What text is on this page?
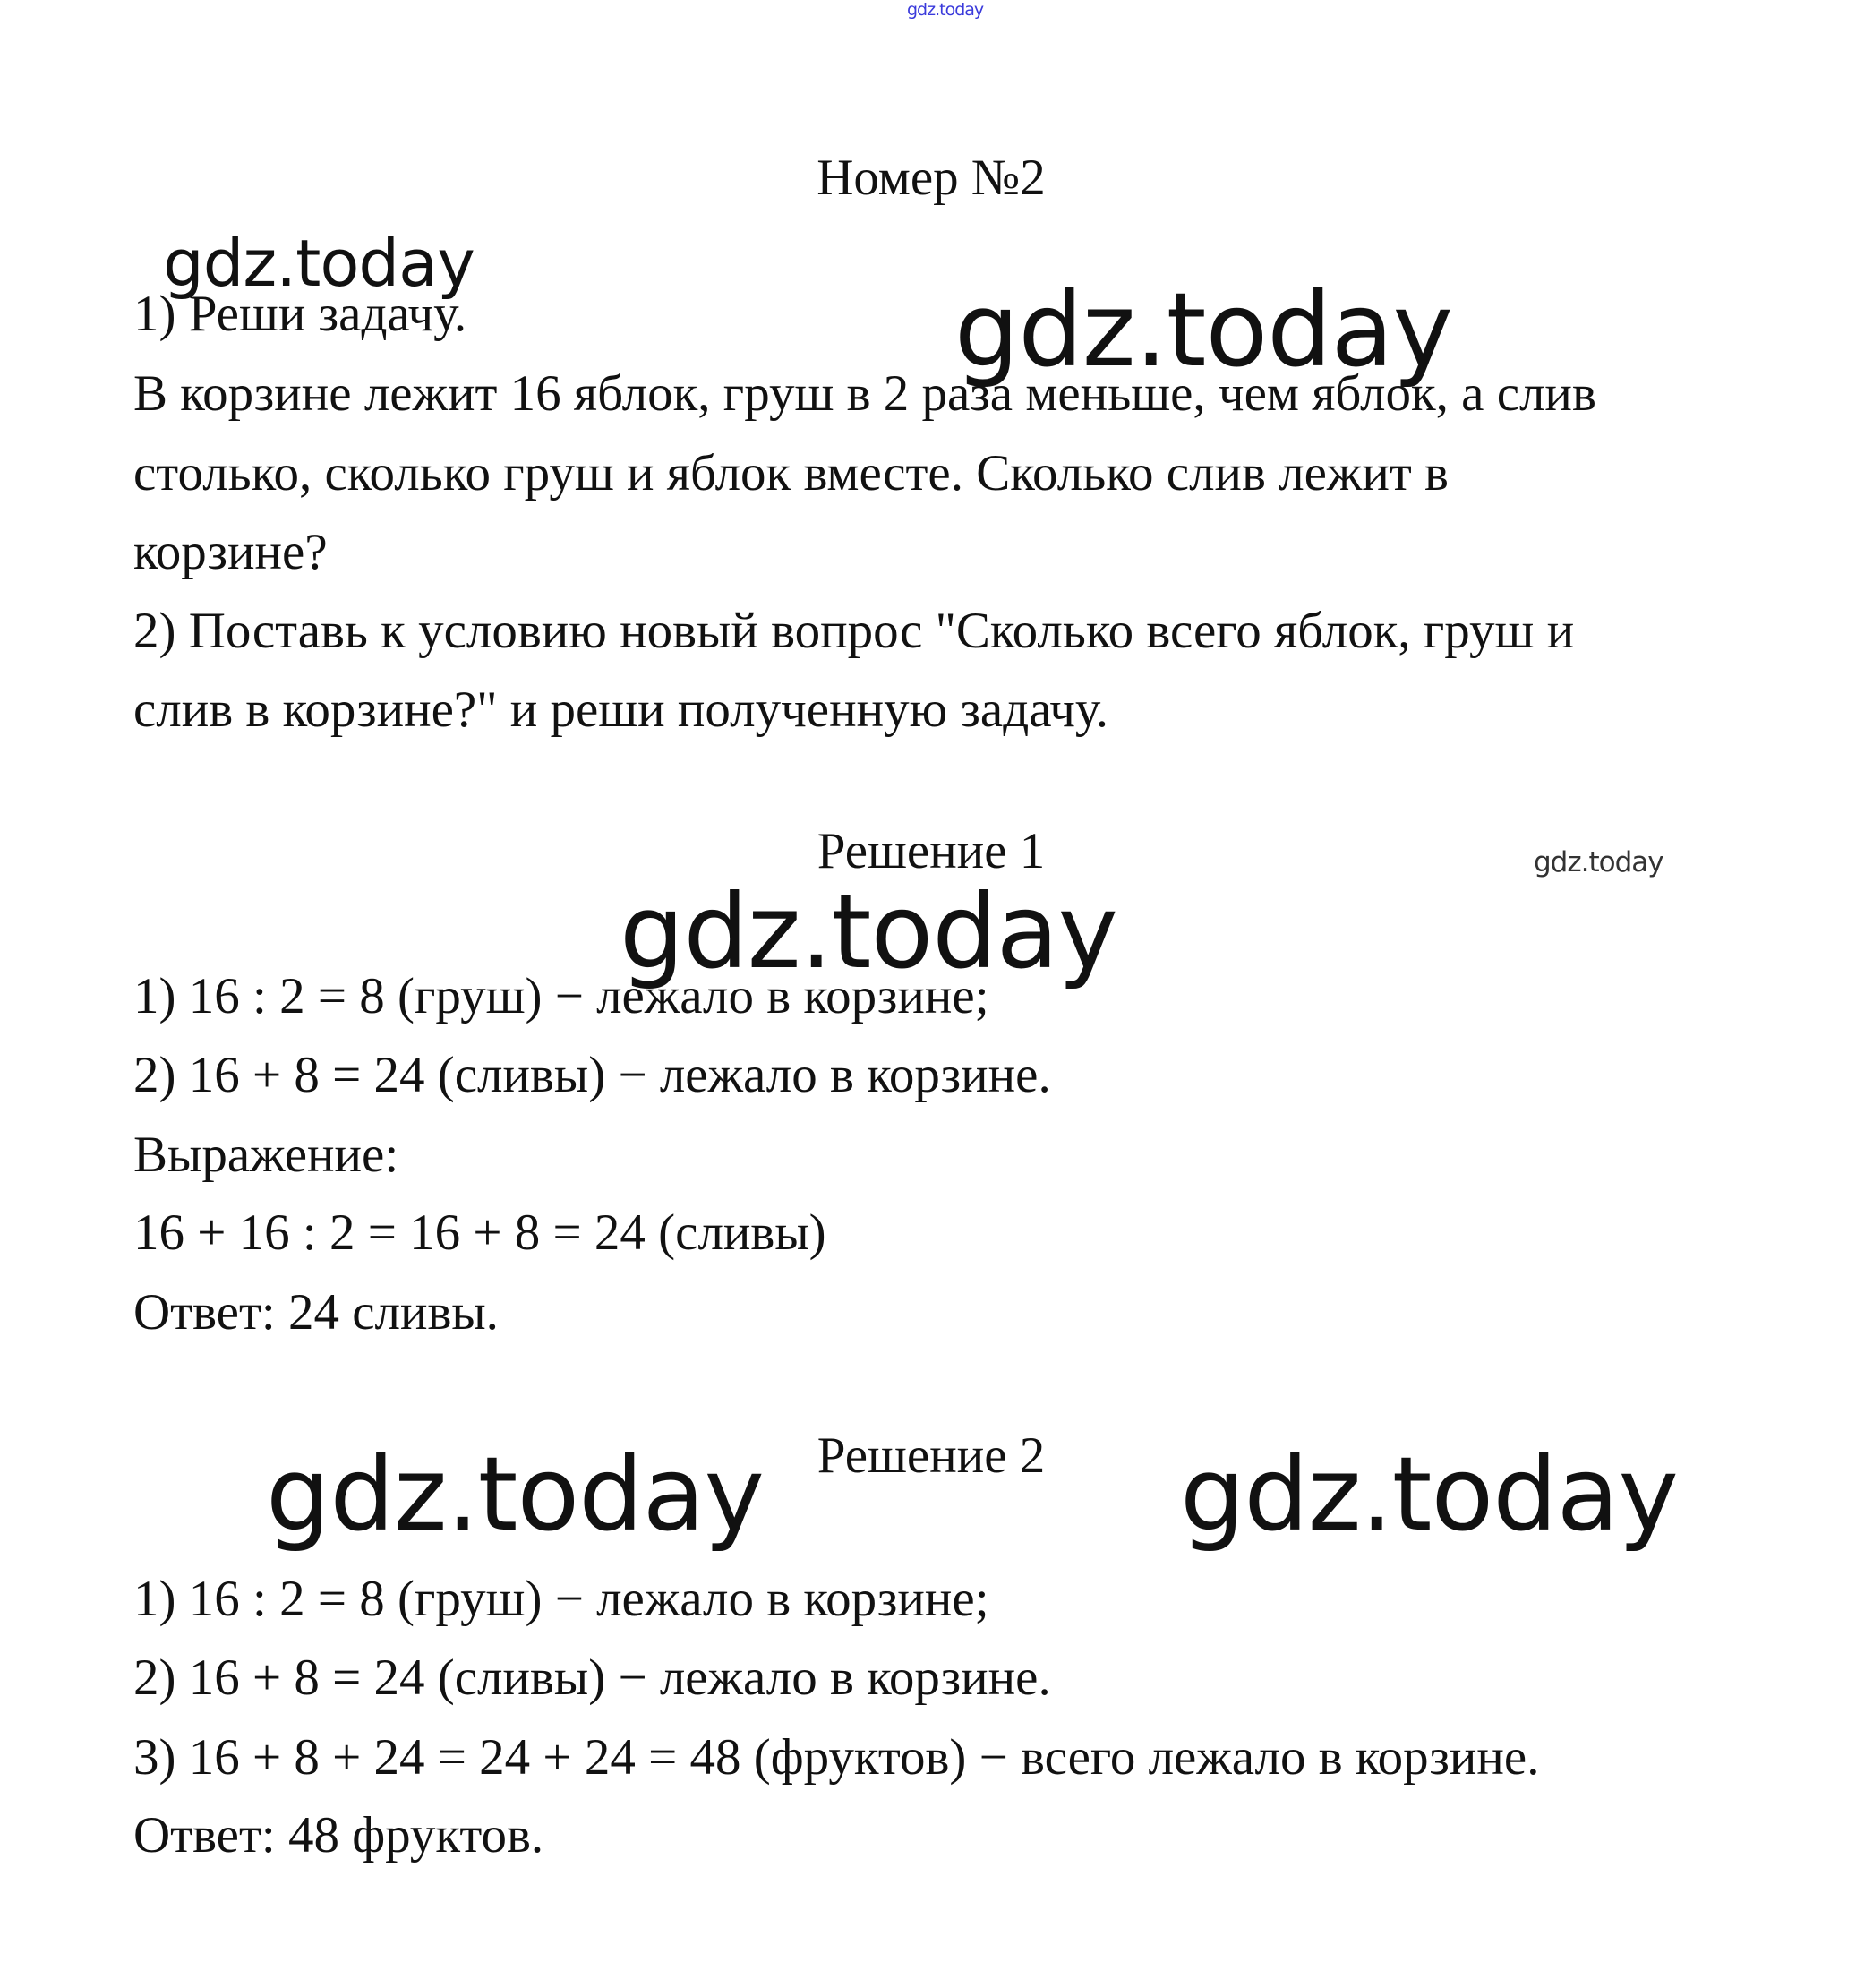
gdz.today
gdz.today
gdz.today
gdz.today
gdz.today
gdz.today	gdz.today
Номер №2
1) Реши задачу.
В корзине лежит 16 яблок, груш в 2 раза меньше, чем яблок, а слив
столько, сколько груш и яблок вместе. Сколько слив лежит в
корзине?
2) Поставь к условию новый вопрос "Сколько всего яблок, груш и
слив в корзине?" и реши полученную задачу.
Решение 1
1) 16 : 2 = 8 (груш) − лежало в корзине;
2) 16 + 8 = 24 (сливы) − лежало в корзине.
Выражение:
16 + 16 : 2 = 16 + 8 = 24 (сливы)
Ответ: 24 сливы.
Решение 2
1) 16 : 2 = 8 (груш) − лежало в корзине;
2) 16 + 8 = 24 (сливы) − лежало в корзине.
3) 16 + 8 + 24 = 24 + 24 = 48 (фруктов) − всего лежало в корзине.
Ответ: 48 фруктов.
